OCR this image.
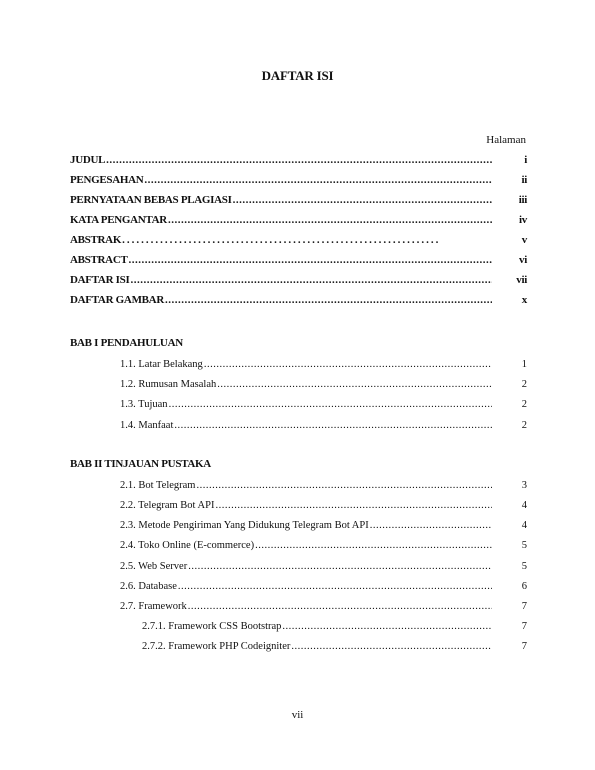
DAFTAR ISI
Halaman
JUDUL .....	i
PENGESAHAN .....	ii
PERNYATAAN BEBAS PLAGIASI .....	iii
KATA PENGANTAR .....	iv
ABSTRAK .....	v
ABSTRACT .....	vi
DAFTAR ISI .....	vii
DAFTAR GAMBAR .....	x
BAB I PENDAHULUAN
1.1. Latar Belakang .....	1
1.2. Rumusan Masalah .....	2
1.3. Tujuan .....	2
1.4. Manfaat .....	2
BAB II TINJAUAN PUSTAKA
2.1. Bot Telegram .....	3
2.2. Telegram Bot API .....	4
2.3. Metode Pengiriman Yang Didukung Telegram Bot API .....	4
2.4. Toko Online (E-commerce) .....	5
2.5. Web Server .....	5
2.6. Database .....	6
2.7. Framework .....	7
2.7.1. Framework CSS Bootstrap .....	7
2.7.2. Framework PHP Codeigniter .....	7
vii
